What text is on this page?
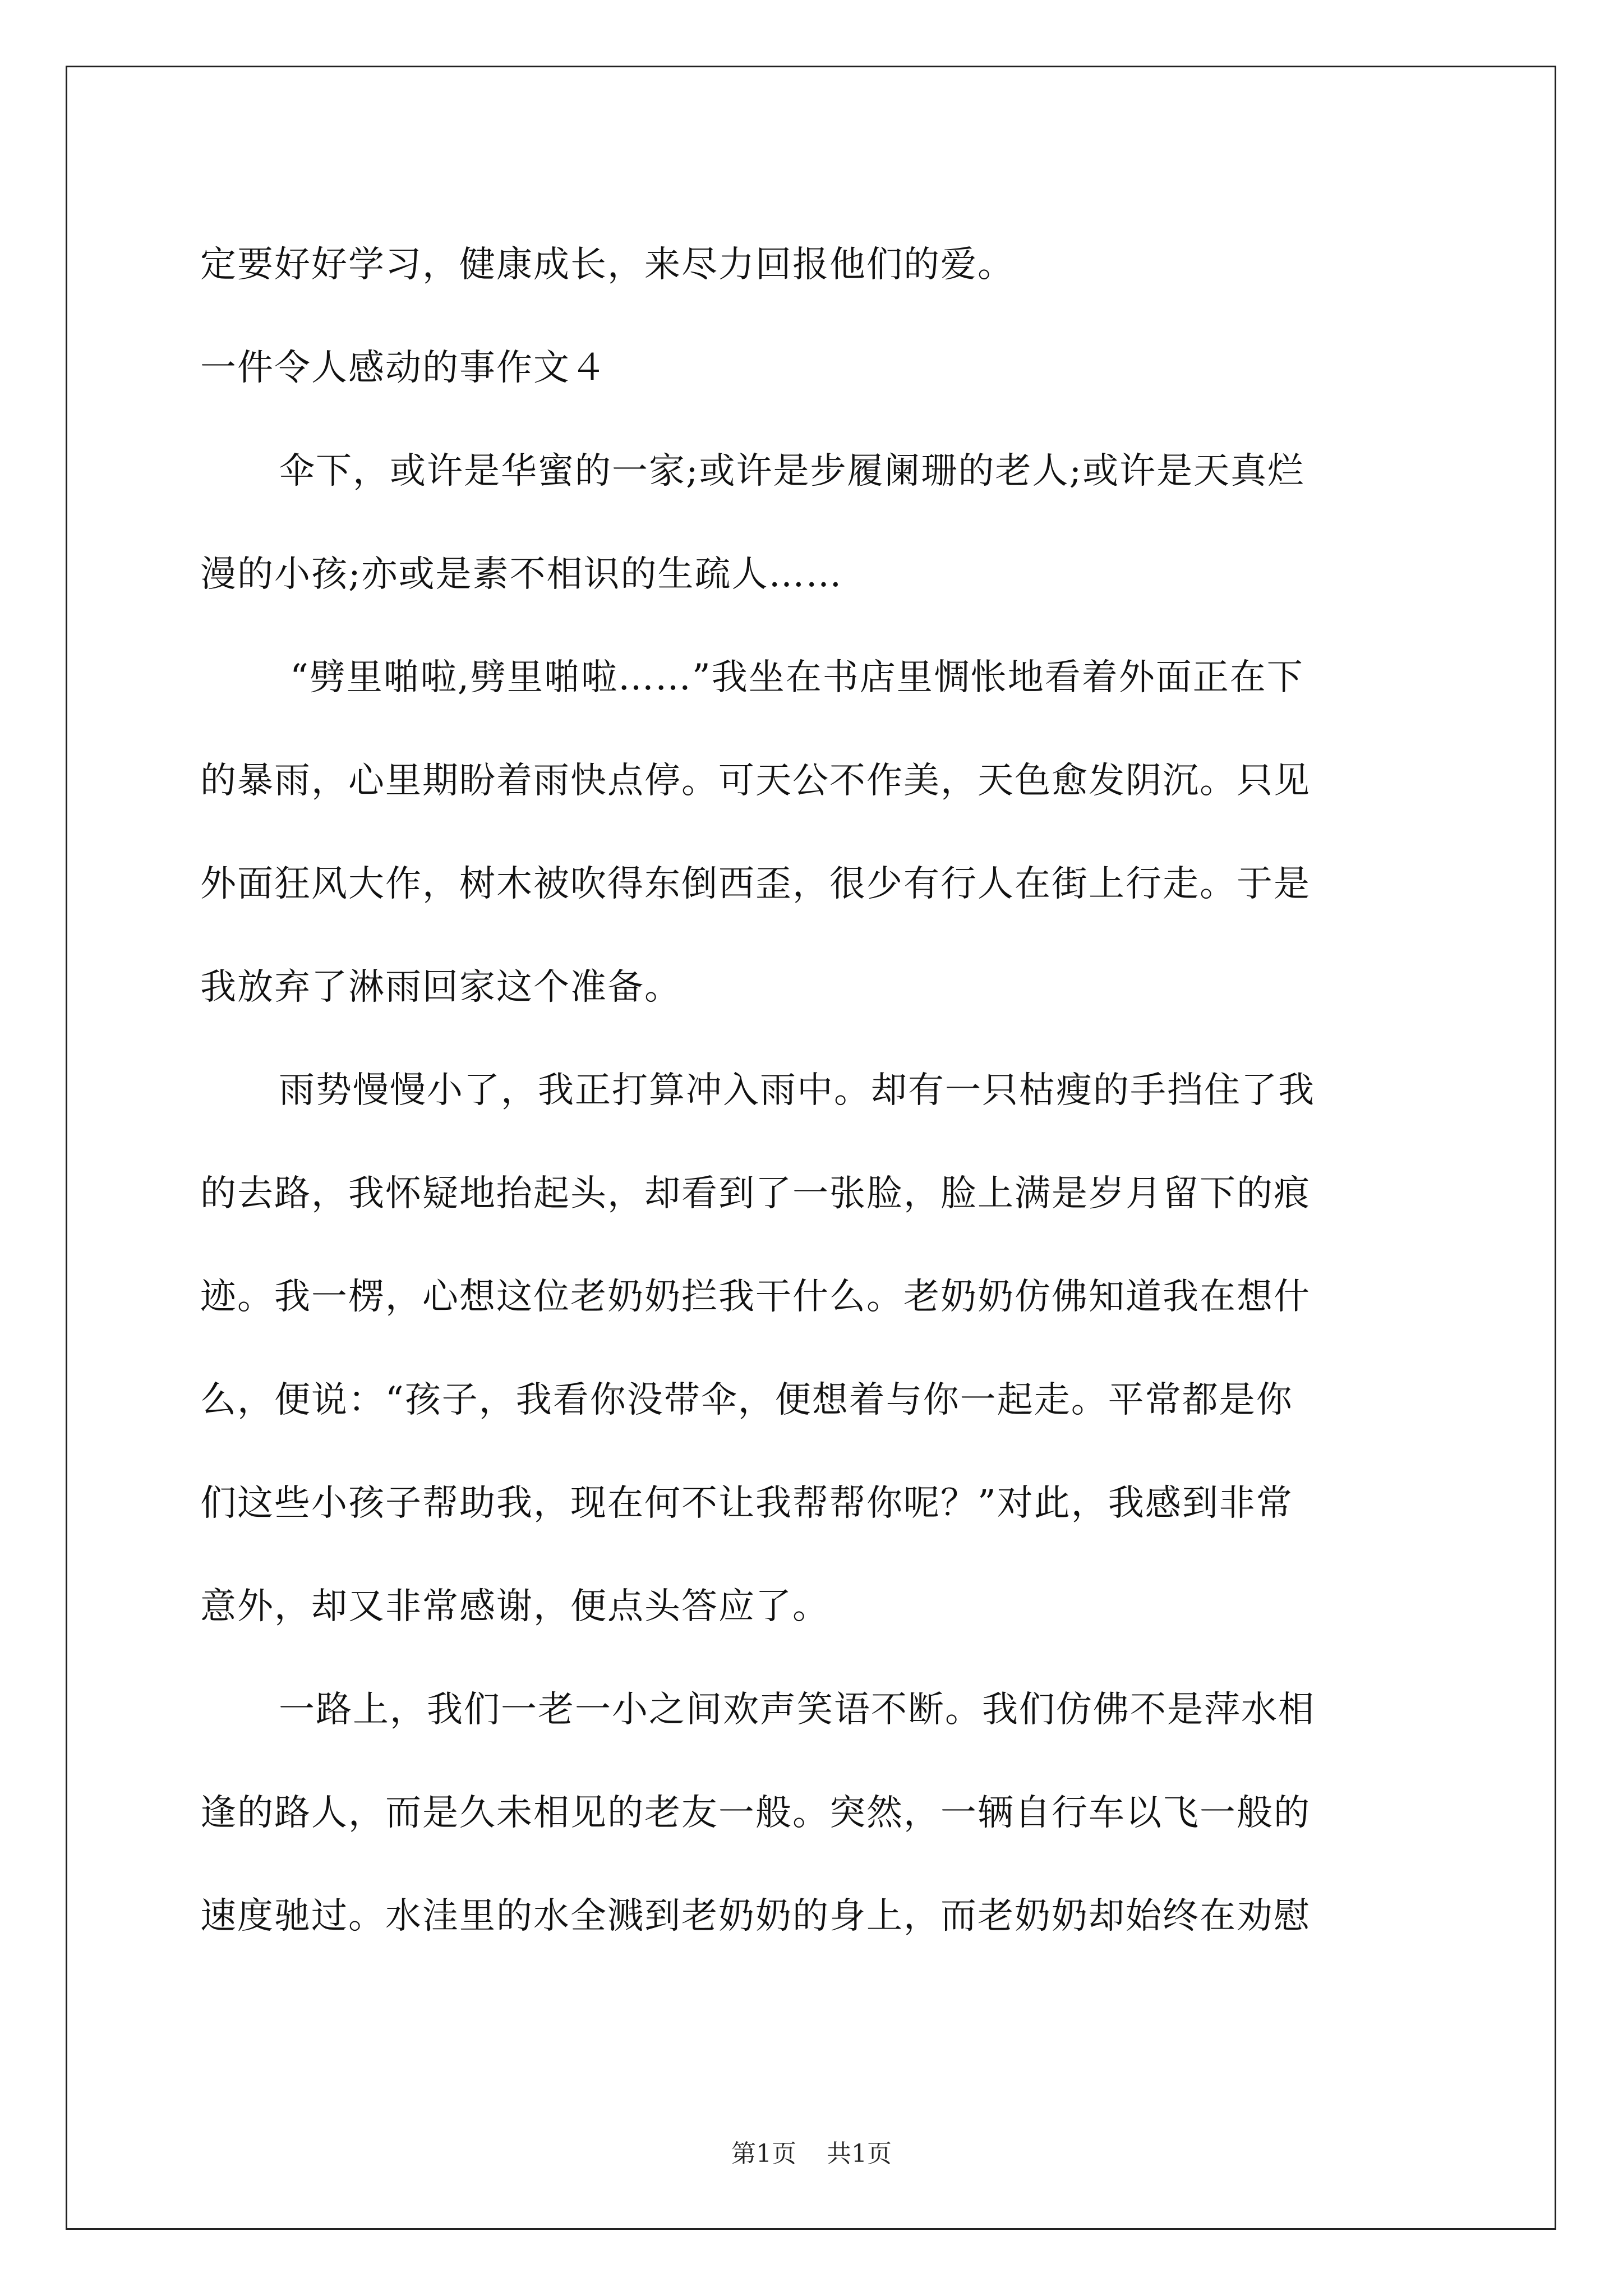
定要好好学习，健康成长，来尽力回报他们的爱。
一件令人感动的事作文４
伞下，或许是华蜜的一家;或许是步履阑珊的老人;或许是天真烂
漫的小孩;亦或是素不相识的生疏人……
“劈里啪啦,劈里啪啦……”我坐在书店里惆怅地看着外面正在下
的暴雨，心里期盼着雨快点停。可天公不作美，天色愈发阴沉。只见
外面狂风大作，树木被吹得东倒西歪，很少有行人在街上行走。于是
我放弃了淋雨回家这个准备。
雨势慢慢小了，我正打算冲入雨中。却有一只枯瘦的手挡住了我
的去路，我怀疑地抬起头，却看到了一张脸，脸上满是岁月留下的痕
迹。我一楞，心想这位老奶奶拦我干什么。老奶奶仿佛知道我在想什
么，便说：“孩子，我看你没带伞，便想着与你一起走。平常都是你
们这些小孩子帮助我，现在何不让我帮帮你呢？”对此，我感到非常
意外，却又非常感谢，便点头答应了。
一路上，我们一老一小之间欢声笑语不断。我们仿佛不是萍水相
逢的路人，而是久未相见的老友一般。突然，一辆自行车以飞一般的
速度驰过。水洼里的水全溅到老奶奶的身上，而老奶奶却始终在劝慰
第1页 共1页
